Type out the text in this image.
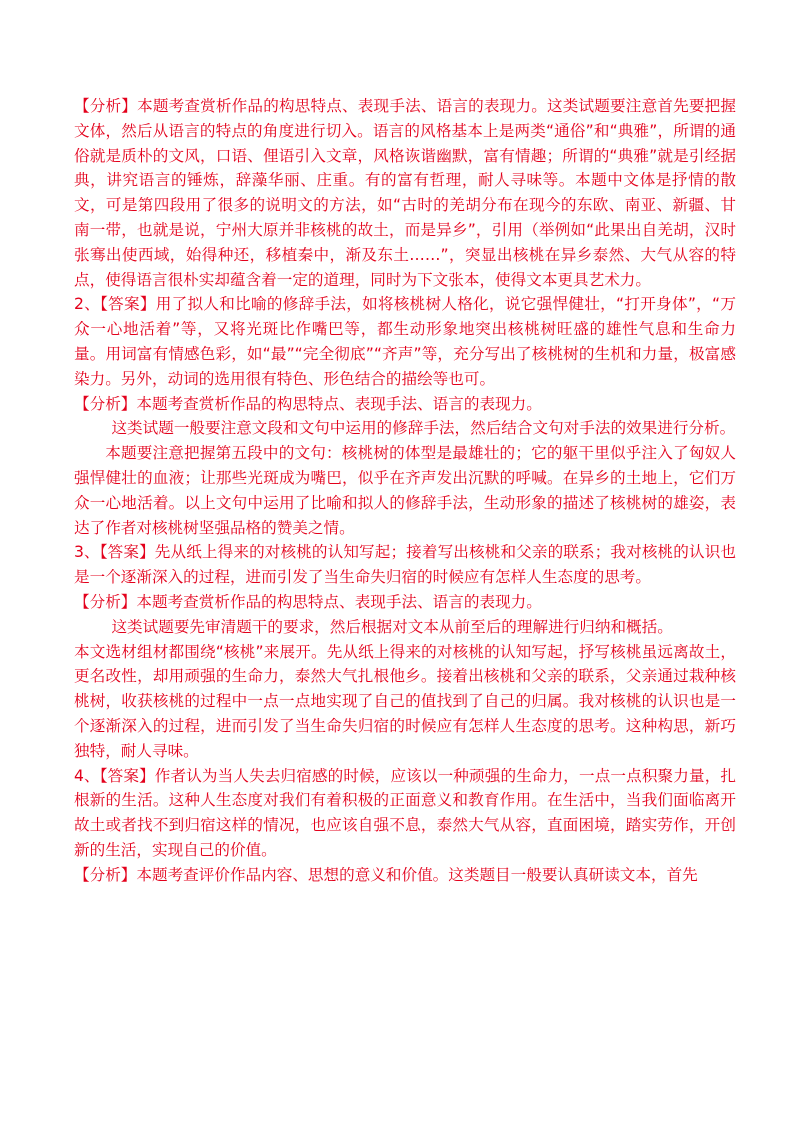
【分析】本题考查赏析作品的构思特点、表现手法、语言的表现力。这类试题要注意首先要把握文体，然后从语言的特点的角度进行切入。语言的风格基本上是两类“通俗”和“典雅”，所谓的通俗就是质朴的文风，口语、俚语引入文章，风格诙谐幽默，富有情趣；所谓的“典雅”就是引经据典，讲究语言的锤炼，辞藻华丽、庄重。有的富有哲理，耐人寻味等。本题中文体是抒情的散文，可是第四段用了很多的说明文的方法，如“古时的羌胡分布在现今的东欧、南亚、新疆、甘南一带，也就是说，宁州大原并非核桃的故土，而是异乡”，引用（举例如“此果出自羌胡，汉时张骞出使西域，始得种还，移植秦中，渐及东土……”，突显出核桃在异乡泰然、大气从容的特点，使得语言很朴实却蕴含着一定的道理，同时为下文张本，使得文本更具艺术力。

2、【答案】用了拟人和比喻的修辞手法，如将核桃树人格化，说它强悍健壮，“打开身体”，“万众一心地活着”等，又将光斑比作嘴巴等，都生动形象地突出核桃树旺盛的雄性气息和生命力量。用词富有情感色彩，如“最”“完全彻底”“齐声”等，充分写出了核桃树的生机和力量，极富感染力。另外，动词的选用很有特色、形色结合的描绘等也可。

【分析】本题考查赏析作品的构思特点、表现手法、语言的表现力。

这类试题一般要注意文段和文句中运用的修辞手法，然后结合文句对手法的效果进行分析。

本题要注意把握第五段中的文句：核桃树的体型是最雄壮的；它的躯干里似乎注入了匈奴人强悍健壮的血液；让那些光斑成为嘴巴，似乎在齐声发出沉默的呼喊。在异乡的土地上，它们万众一心地活着。以上文句中运用了比喻和拟人的修辞手法，生动形象的描述了核桃树的雄姿，表达了作者对核桃树坚强品格的赞美之情。

3、【答案】先从纸上得来的对核桃的认知写起；接着写出核桃和父亲的联系；我对核桃的认识也是一个逐渐深入的过程，进而引发了当生命失归宿的时候应有怎样人生态度的思考。

【分析】本题考查赏析作品的构思特点、表现手法、语言的表现力。

这类试题要先审清题干的要求，然后根据对文本从前至后的理解进行归纳和概括。

本文选材组材都围绕“核桃”来展开。先从纸上得来的对核桃的认知写起，抒写核桃虽远离故土，更名改性，却用顽强的生命力，泰然大气扎根他乡。接着出核桃和父亲的联系，父亲通过栽种核桃树，收获核桃的过程中一点一点地实现了自己的值找到了自己的归属。我对核桃的认识也是一个逐渐深入的过程，进而引发了当生命失归宿的时候应有怎样人生态度的思考。这种构思，新巧独特，耐人寻味。

4、【答案】作者认为当人失去归宿感的时候，应该以一种顽强的生命力，一点一点积聚力量，扎根新的生活。这种人生态度对我们有着积极的正面意义和教育作用。在生活中，当我们面临离开故土或者找不到归宿这样的情况，也应该自强不息，泰然大气从容，直面困境，踏实劳作，开创新的生活，实现自己的价值。

【分析】本题考查评价作品内容、思想的意义和价值。这类题目一般要认真研读文本，首先
